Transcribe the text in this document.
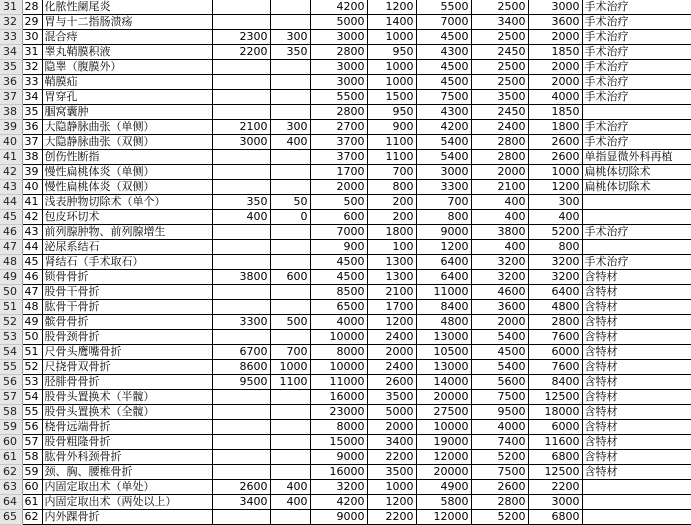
31	28	化脓性阑尾炎			4200	1200	5500	2500	3000	手术治疗
32	29	胃与十二指肠溃疡			5000	1400	7000	3400	3600	手术治疗
33	30	混合痔	2300	300	3000	1000	4500	2500	2000	手术治疗
34	31	睾丸鞘膜积液	2200	350	2800	950	4300	2450	1850	手术治疗
35	32	隐睾（腹膜外）			3000	1000	4500	2500	2000	手术治疗
36	33	鞘膜疝			3000	1000	4500	2500	2000	手术治疗
37	34	胃穿孔			5500	1500	7500	3500	4000	手术治疗
38	35	腘窝囊肿			2800	950	4300	2450	1850	
39	36	大隐静脉曲张（单侧）	2100	300	2700	900	4200	2400	1800	手术治疗
40	37	大隐静脉曲张（双侧）	3000	400	3700	1100	5400	2800	2600	手术治疗
41	38	创伤性断指			3700	1100	5400	2800	2600	单指显微外科再植
42	39	慢性扁桃体炎（单侧）			1700	700	3000	2000	1000	扁桃体切除术
43	40	慢性扁桃体炎（双侧）			2000	800	3300	2100	1200	扁桃体切除术
44	41	浅表肿物切除术（单个）	350	50	500	200	700	400	300	
45	42	包皮环切术	400	0	600	200	800	400	400	
46	43	前列腺肿物、前列腺增生			7000	1800	9000	3800	5200	手术治疗
47	44	泌尿系结石			900	100	1200	400	800	
48	45	肾结石（手术取石）			4500	1300	6400	3200	3200	手术治疗
49	46	锁骨骨折	3800	600	4500	1300	6400	3200	3200	含特材
50	47	股骨干骨折			8500	2100	11000	4600	6400	含特材
51	48	肱骨干骨折			6500	1700	8400	3600	4800	含特材
52	49	髌骨骨折	3300	500	4000	1200	4800	2000	2800	含特材
53	50	股骨颈骨折			10000	2400	13000	5400	7600	含特材
54	51	尺骨头鹰嘴骨折	6700	700	8000	2000	10500	4500	6000	含特材
55	52	尺挠骨双骨折	8600	1000	10000	2400	13000	5400	7600	含特材
56	53	胫腓骨骨折	9500	1100	11000	2600	14000	5600	8400	含特材
57	54	股骨头置换术（半髋）			16000	3500	20000	7500	12500	含特材
58	55	股骨头置换术（全髋）			23000	5000	27500	9500	18000	含特材
59	56	桡骨远端骨折			8000	2000	10000	4000	6000	含特材
60	57	股骨粗隆骨折			15000	3400	19000	7400	11600	含特材
61	58	肱骨外科颈骨折			9000	2200	12000	5200	6800	含特材
62	59	颈、胸、腰椎骨折			16000	3500	20000	7500	12500	含特材
63	60	内固定取出术（单处）	2600	400	3200	1000	4900	2600	2200	
64	61	内固定取出术（两处以上）	3400	400	4200	1200	5800	2800	3000	
65	62	内外踝骨折			9000	2200	12000	5200	6800	
